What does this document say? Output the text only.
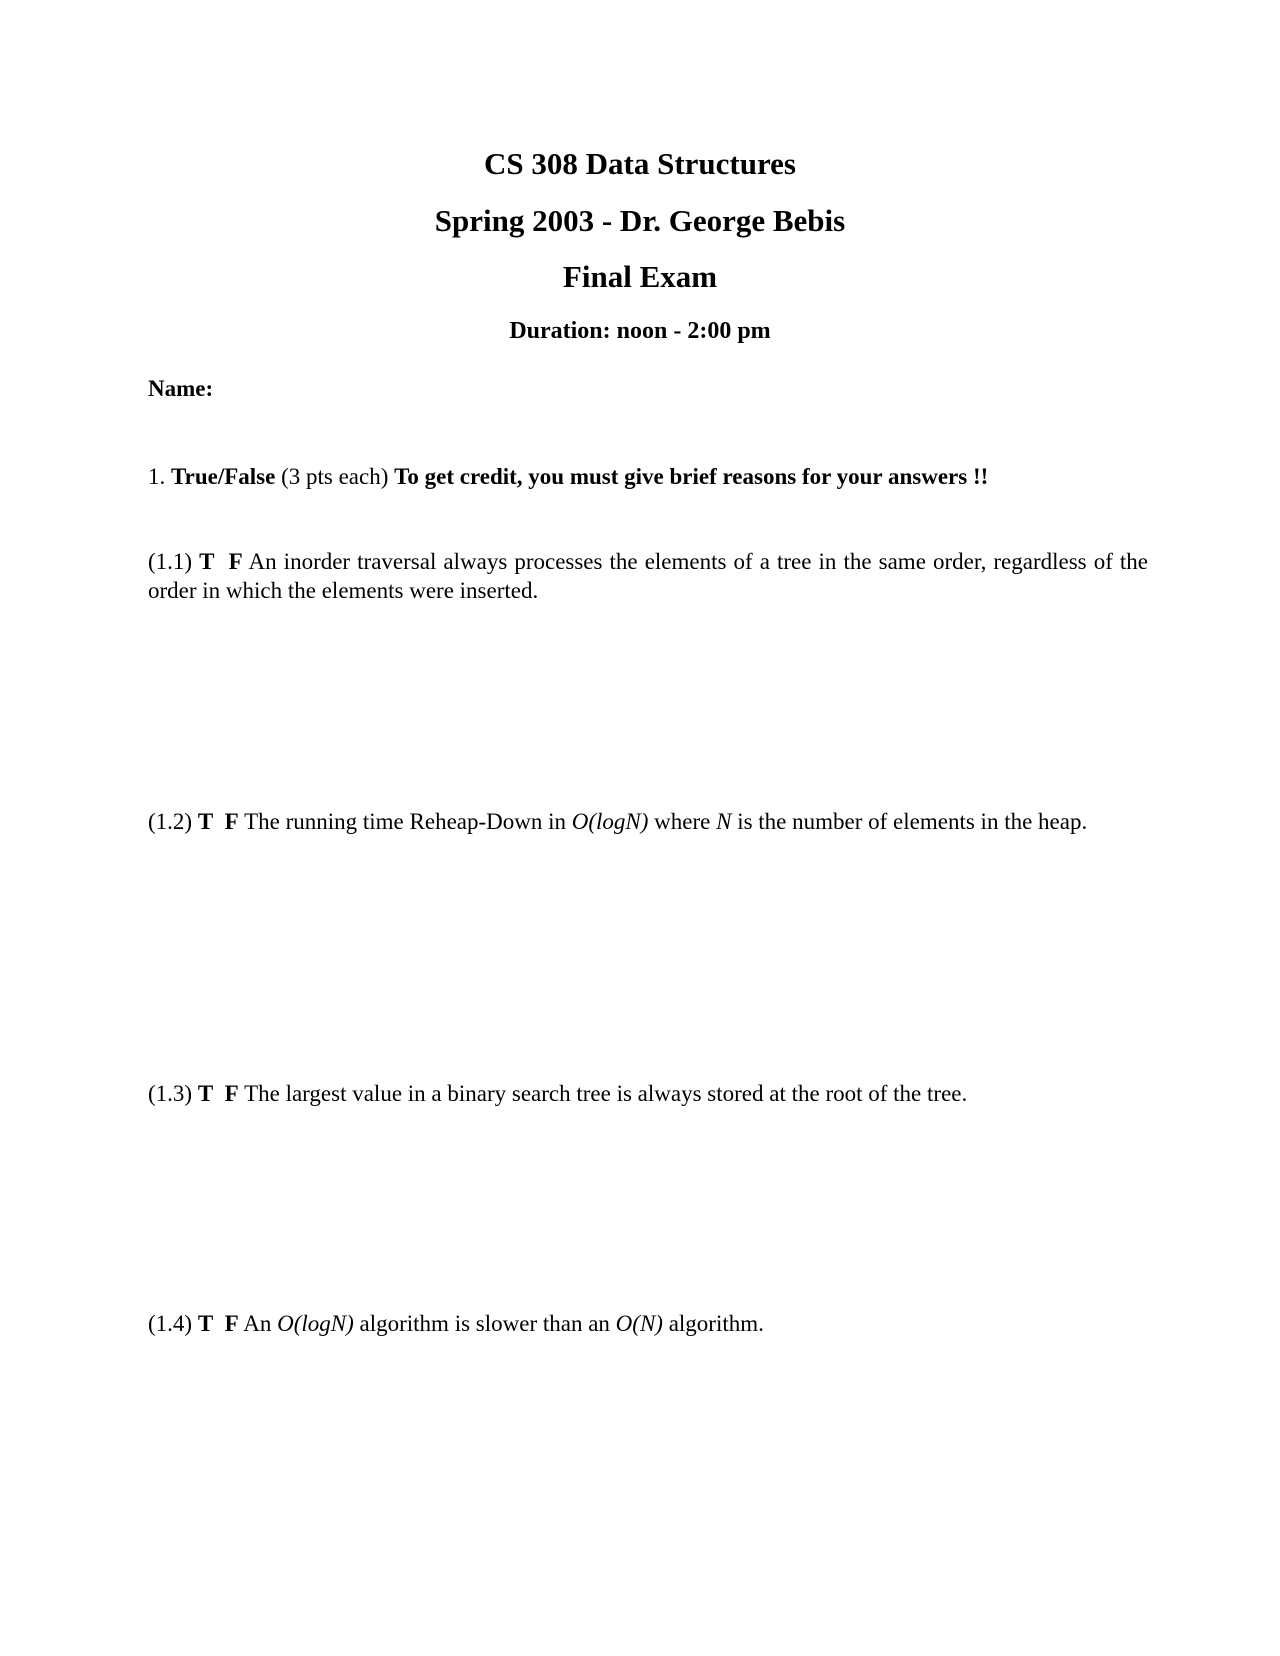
CS 308 Data Structures
Spring 2003 - Dr. George Bebis
Final Exam
Duration: noon - 2:00 pm
Name:
1. True/False (3 pts each) To get credit, you must give brief reasons for your answers !!
(1.1) T F An inorder traversal always processes the elements of a tree in the same order, regardless of the order in which the elements were inserted.
(1.2) T F The running time Reheap-Down in O(logN) where N is the number of elements in the heap.
(1.3) T F The largest value in a binary search tree is always stored at the root of the tree.
(1.4) T F An O(logN) algorithm is slower than an O(N) algorithm.
